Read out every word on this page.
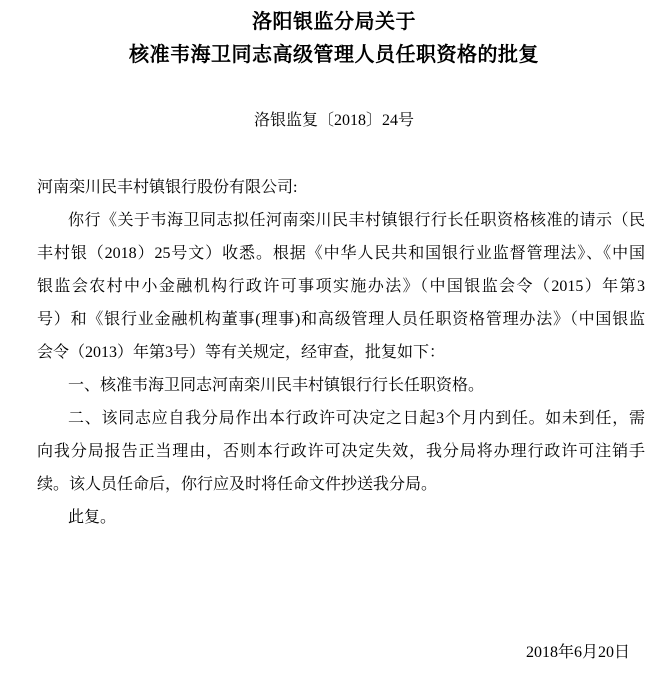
洛阳银监分局关于
核准韦海卫同志高级管理人员任职资格的批复
洛银监复〔2018〕24号
河南栾川民丰村镇银行股份有限公司:
你行《关于韦海卫同志拟任河南栾川民丰村镇银行行长任职资格核准的请示（民
丰村银（2018）25号文）收悉。根据《中华人民共和国银行业监督管理法》、《中国
银监会农村中小金融机构行政许可事项实施办法》（中国银监会令（2015）年第3
号）和《银行业金融机构董事(理事)和高级管理人员任职资格管理办法》（中国银监
会令（2013）年第3号）等有关规定，经审查，批复如下：
一、核准韦海卫同志河南栾川民丰村镇银行行长任职资格。
二、该同志应自我分局作出本行政许可决定之日起3个月内到任。如未到任，需
向我分局报告正当理由，否则本行政许可决定失效，我分局将办理行政许可注销手
续。该人员任命后，你行应及时将任命文件抄送我分局。
此复。
2018年6月20日
